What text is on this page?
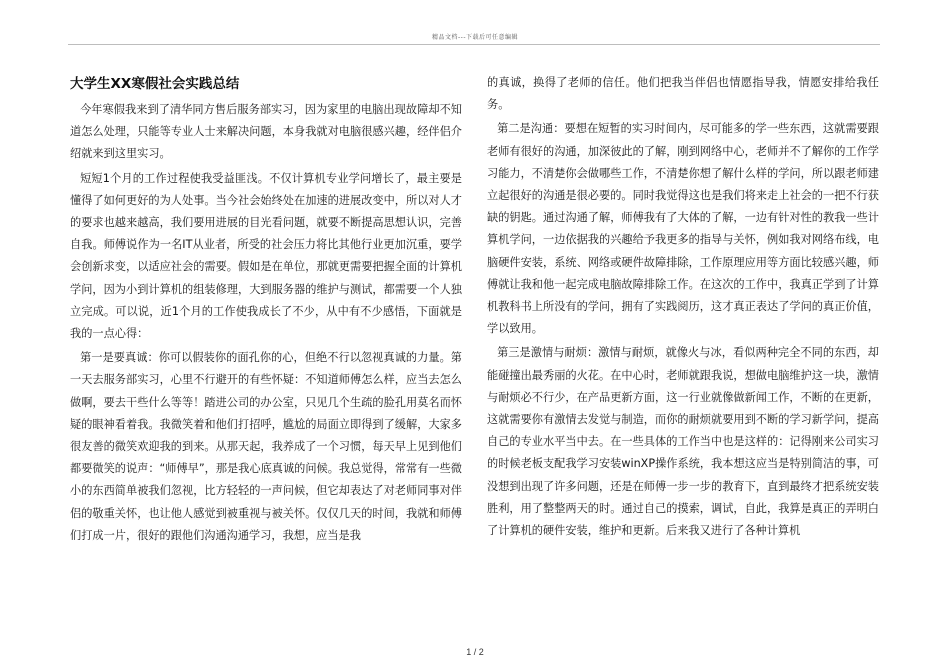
精品文档---下载后可任意编辑
大学生XX寒假社会实践总结

今年寒假我来到了清华同方售后服务部实习，因为家里的电脑出现故障却不知道怎么处理，只能等专业人士来解决问题，本身我就对电脑很感兴趣，经伴侣介绍就来到这里实习。

短短1个月的工作过程使我受益匪浅。不仅计算机专业学问增长了，最主要是懂得了如何更好的为人处事。当今社会始终处在加速的进展改变中，所以对人才的要求也越来越高，我们要用进展的目光看问题，就要不断提高思想认识，完善自我。师傅说作为一名IT从业者，所受的社会压力将比其他行业更加沉重，要学会创新求变，以适应社会的需要。假如是在单位，那就更需要把握全面的计算机学问，因为小到计算机的组装修理，大到服务器的维护与测试，都需要一个人独立完成。可以说，近1个月的工作使我成长了不少，从中有不少感悟，下面就是我的一点心得：

第一是要真诚：你可以假装你的面孔你的心，但绝不行以忽视真诚的力量。第一天去服务部实习，心里不行避开的有些怀疑：不知道师傅怎么样，应当去怎么做啊，要去干些什么等等！踏进公司的办公室，只见几个生疏的脸孔用莫名而怀疑的眼神看着我。我微笑着和他们打招呼，尴尬的局面立即得到了缓解，大家多很友善的微笑欢迎我的到来。从那天起，我养成了一个习惯，每天早上见到他们都要微笑的说声：“师傅早”，那是我心底真诚的问候。我总觉得，常常有一些微小的东西简单被我们忽视，比方轻轻的一声问候，但它却表达了对老师同事对伴侣的敬重关怀，也让他人感觉到被重视与被关怀。仅仅几天的时间，我就和师傅们打成一片，很好的跟他们沟通沟通学习，我想，应当是我

的真诚，换得了老师的信任。他们把我当伴侣也情愿指导我，情愿安排给我任务。

第二是沟通：要想在短暂的实习时间内，尽可能多的学一些东西，这就需要跟老师有很好的沟通，加深彼此的了解，刚到网络中心，老师并不了解你的工作学习能力，不清楚你会做哪些工作，不清楚你想了解什么样的学问，所以跟老师建立起很好的沟通是很必要的。同时我觉得这也是我们将来走上社会的一把不行获缺的钥匙。通过沟通了解，师傅我有了大体的了解，一边有针对性的教我一些计算机学问，一边依据我的兴趣给予我更多的指导与关怀，例如我对网络布线，电脑硬件安装，系统、网络或硬件故障排除，工作原理应用等方面比较感兴趣，师傅就让我和他一起完成电脑故障排除工作。在这次的工作中，我真正学到了计算机教科书上所没有的学问，拥有了实践阅历，这才真正表达了学问的真正价值，学以致用。

第三是激情与耐烦：激情与耐烦，就像火与冰，看似两种完全不同的东西，却能碰撞出最秀丽的火花。在中心时，老师就跟我说，想做电脑维护这一块，激情与耐烦必不行少，在产品更新方面，这一行业就像做新闻工作，不断的在更新，这就需要你有激情去发觉与制造，而你的耐烦就要用到不断的学习新学问，提高自己的专业水平当中去。在一些具体的工作当中也是这样的：记得刚来公司实习的时候老板支配我学习安装winXP操作系统，我本想这应当是特别简洁的事，可没想到出现了许多问题，还是在师傅一步一步的教育下，直到最终才把系统安装胜利，用了整整两天的时。通过自己的摸索，调试，自此，我算是真正的弄明白了计算机的硬件安装，维护和更新。后来我又进行了各种计算机

1 / 2
